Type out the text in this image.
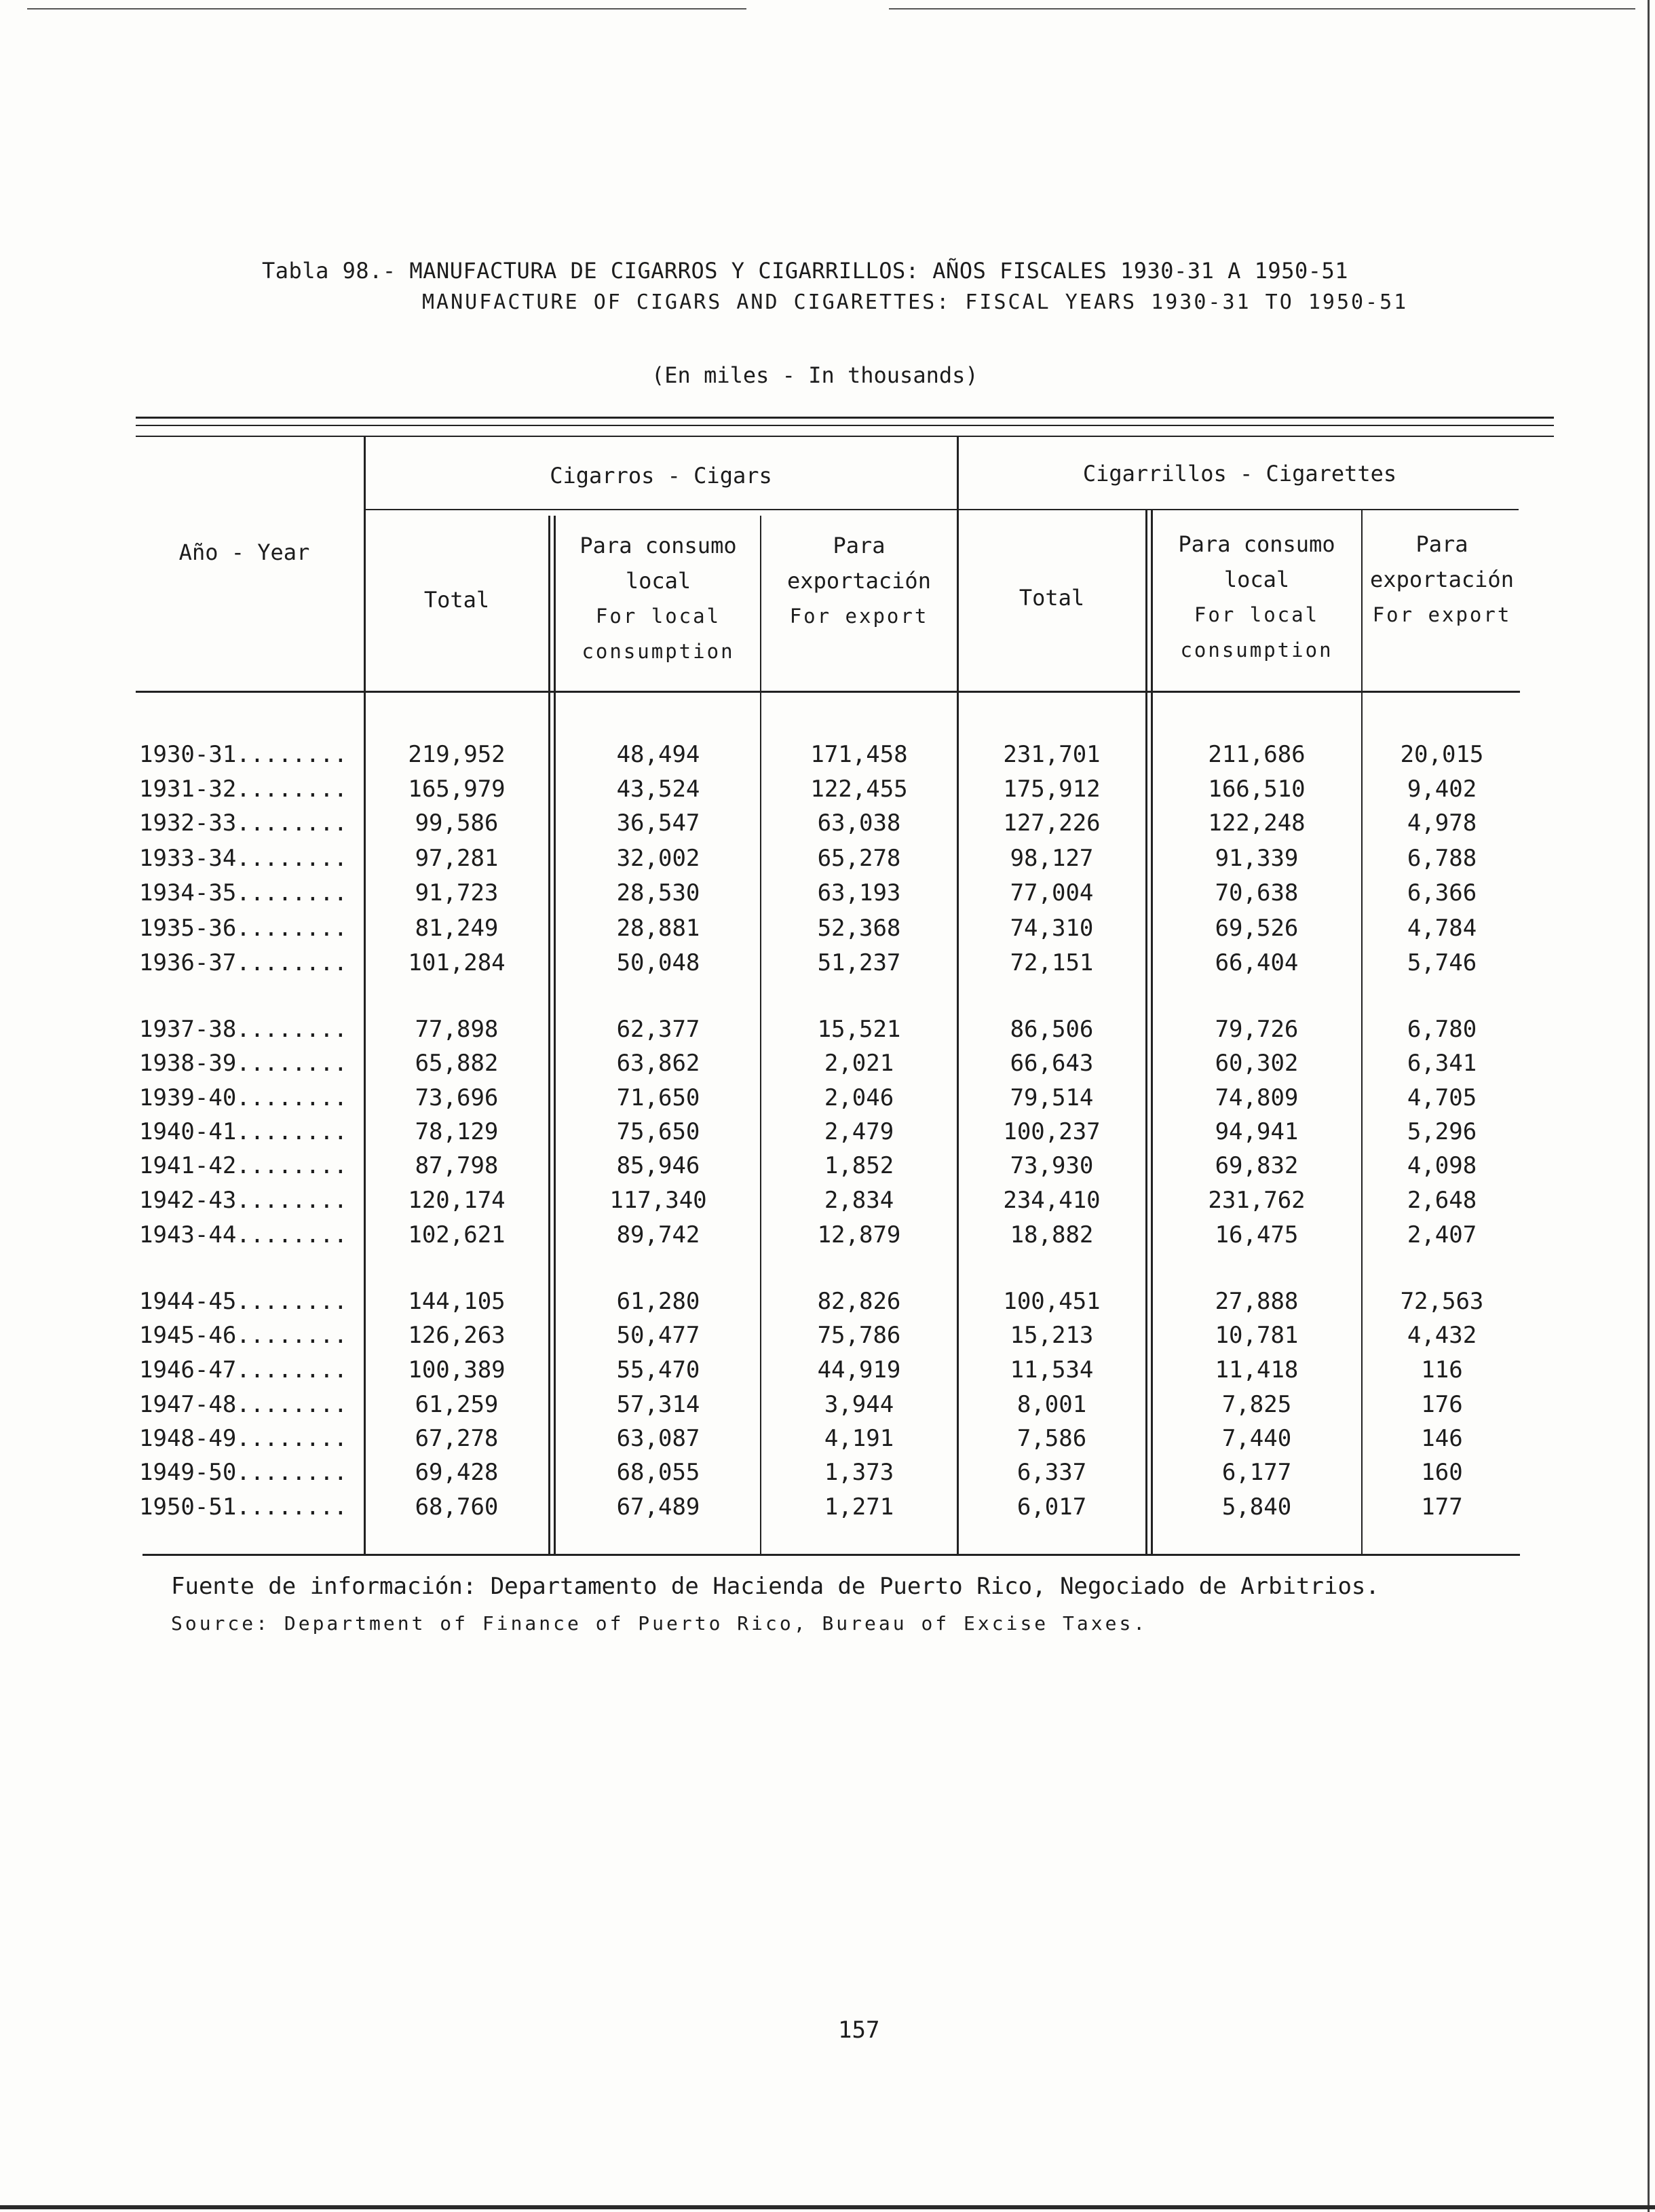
Tabla 98.- MANUFACTURA DE CIGARROS Y CIGARRILLOS: AÑOS FISCALES 1930-31 A 1950-51
MANUFACTURE OF CIGARS AND CIGARETTES: FISCAL YEARS 1930-31 TO 1950-51
(En miles - In thousands)
Año - Year
Cigarros - Cigars	Cigarrillos - Cigarettes
Total
Para consumo local
For local consumption
Para exportación
For export
Total
Para consumo local
For local consumption
Para exportación
For export
1930-31........	219,952	48,494	171,458	231,701	211,686	20,015
1931-32........	165,979	43,524	122,455	175,912	166,510	9,402
1932-33........	99,586	36,547	63,038	127,226	122,248	4,978
1933-34........	97,281	32,002	65,278	98,127	91,339	6,788
1934-35........	91,723	28,530	63,193	77,004	70,638	6,366
1935-36........	81,249	28,881	52,368	74,310	69,526	4,784
1936-37........	101,284	50,048	51,237	72,151	66,404	5,746
1937-38........	77,898	62,377	15,521	86,506	79,726	6,780
1938-39........	65,882	63,862	2,021	66,643	60,302	6,341
1939-40........	73,696	71,650	2,046	79,514	74,809	4,705
1940-41........	78,129	75,650	2,479	100,237	94,941	5,296
1941-42........	87,798	85,946	1,852	73,930	69,832	4,098
1942-43........	120,174	117,340	2,834	234,410	231,762	2,648
1943-44........	102,621	89,742	12,879	18,882	16,475	2,407
1944-45........	144,105	61,280	82,826	100,451	27,888	72,563
1945-46........	126,263	50,477	75,786	15,213	10,781	4,432
1946-47........	100,389	55,470	44,919	11,534	11,418	116
1947-48........	61,259	57,314	3,944	8,001	7,825	176
1948-49........	67,278	63,087	4,191	7,586	7,440	146
1949-50........	69,428	68,055	1,373	6,337	6,177	160
1950-51........	68,760	67,489	1,271	6,017	5,840	177
Fuente de información: Departamento de Hacienda de Puerto Rico, Negociado de Arbitrios.
Source: Department of Finance of Puerto Rico, Bureau of Excise Taxes.
157
